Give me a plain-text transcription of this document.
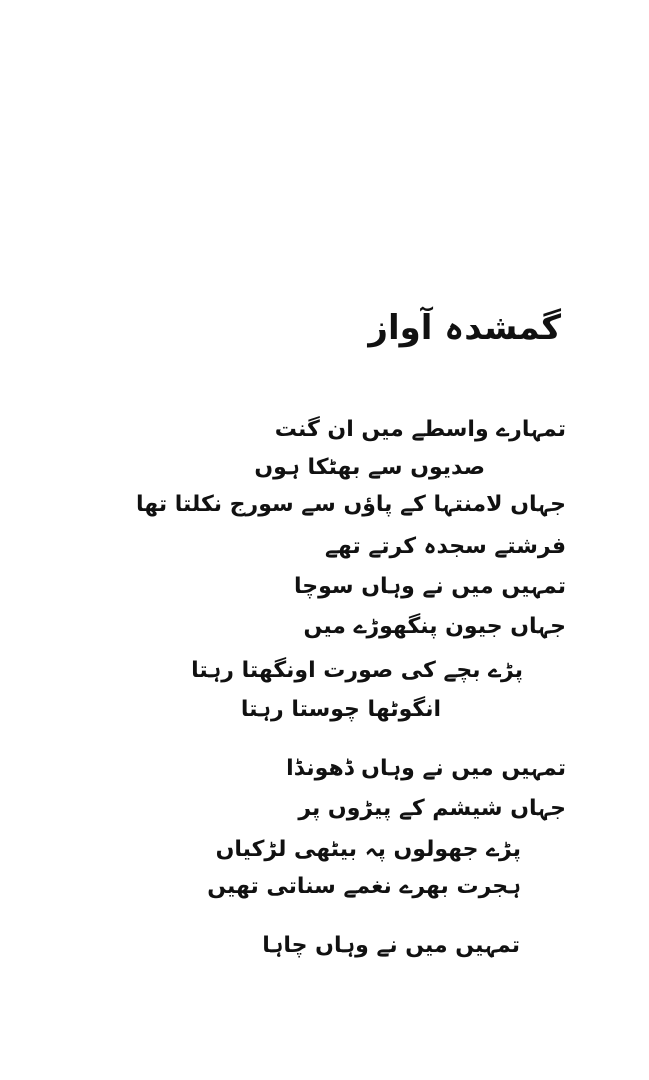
گمشدہ آواز
تمہارے واسطے میں ان گنت
صدیوں سے بھٹکا ہوں
جہاں لامنتہا کے پاؤں سے سورج نکلتا تھا
فرشتے سجدہ کرتے تھے
تمہیں میں نے وہاں سوچا
جہاں جیون پنگھوڑے میں
پڑے بچے کی صورت اونگھتا رہتا
انگوٹھا چوستا رہتا
تمہیں میں نے وہاں ڈھونڈا
جہاں شیشم کے پیڑوں پر
پڑے جھولوں پہ بیٹھی لڑکیاں
ہجرت بھرے نغمے سناتی تھیں
تمہیں میں نے وہاں چاہا
